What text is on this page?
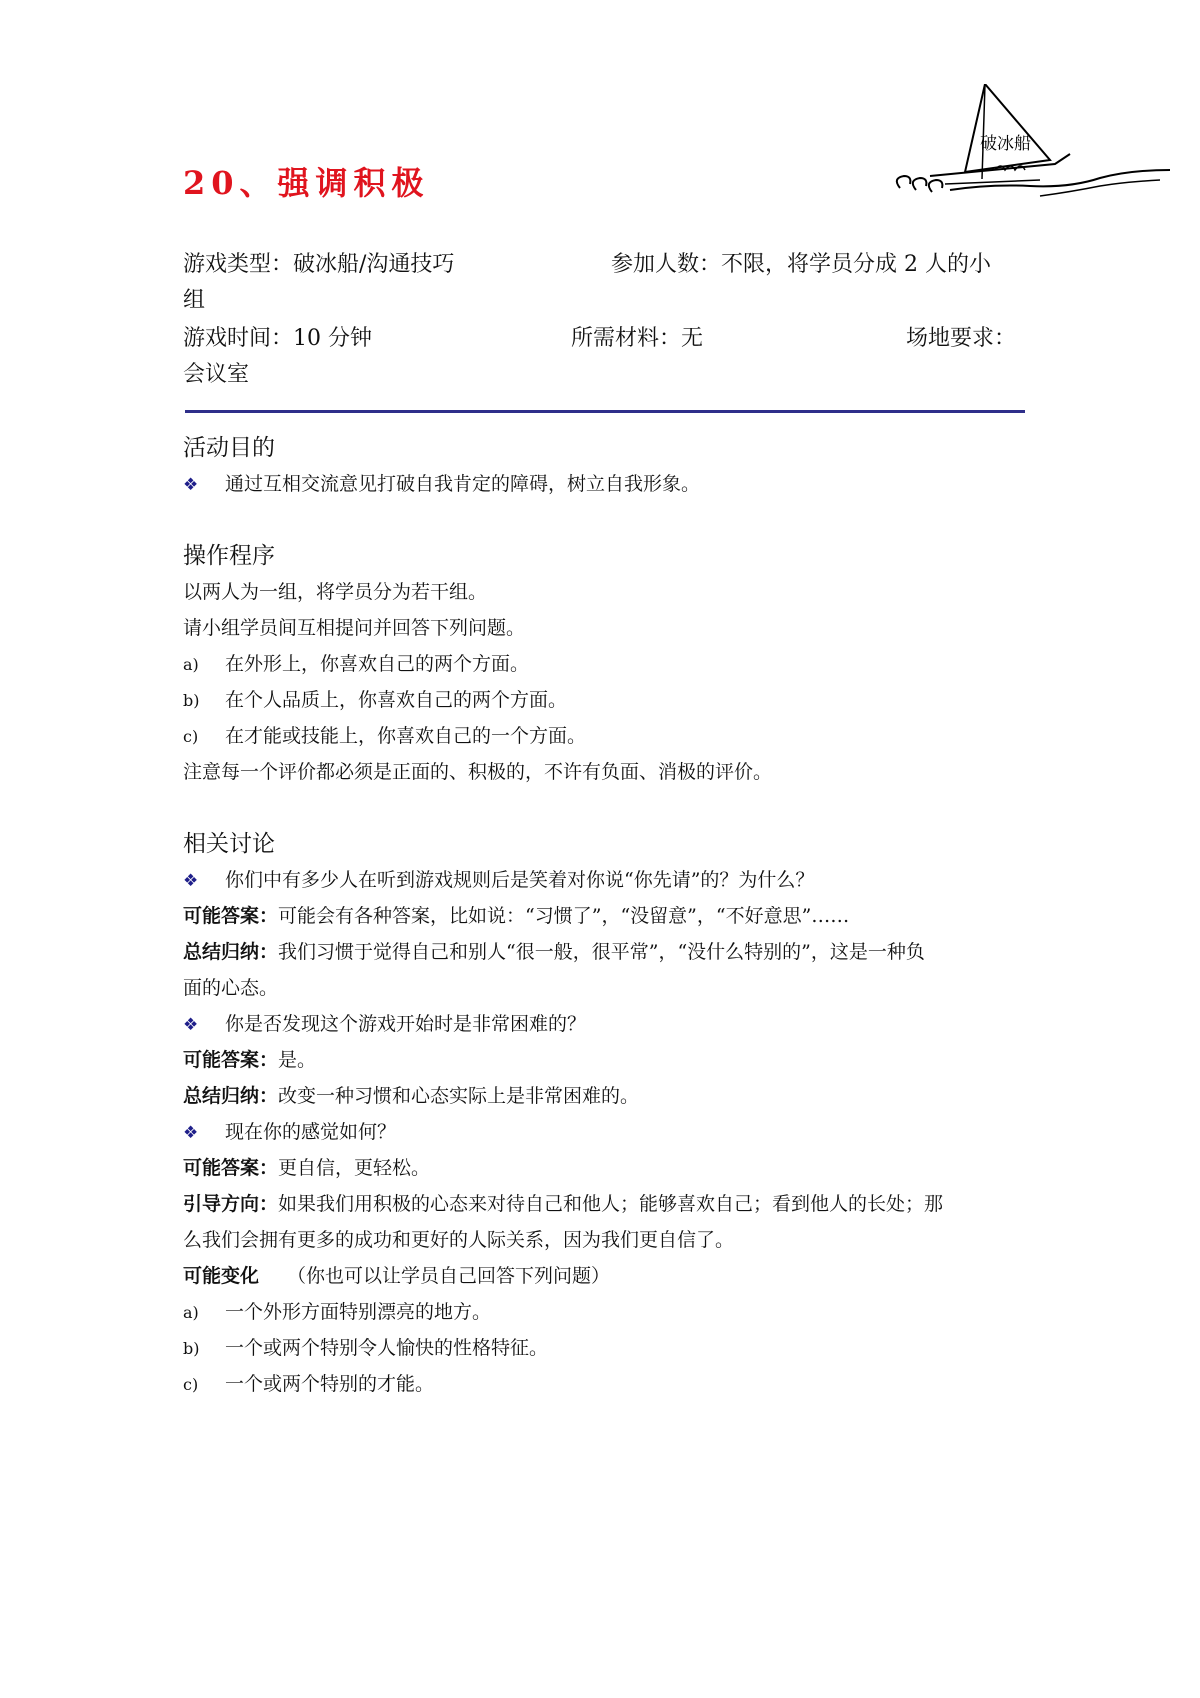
破冰船
20、强调积极
游戏类型：破冰船/沟通技巧	参加人数：不限，将学员分成 2 人的小
组
游戏时间：10 分钟	所需材料：无	场地要求：
会议室
活动目的
❖ 通过互相交流意见打破自我肯定的障碍，树立自我形象。
操作程序
以两人为一组，将学员分为若干组。
请小组学员间互相提问并回答下列问题。
a) 在外形上，你喜欢自己的两个方面。
b) 在个人品质上，你喜欢自己的两个方面。
c) 在才能或技能上，你喜欢自己的一个方面。
注意每一个评价都必须是正面的、积极的，不许有负面、消极的评价。
相关讨论
❖ 你们中有多少人在听到游戏规则后是笑着对你说“你先请”的？为什么？
可能答案：可能会有各种答案，比如说：“习惯了”，“没留意”，“不好意思”……
总结归纳：我们习惯于觉得自己和别人“很一般，很平常”，“没什么特别的”，这是一种负
面的心态。
❖ 你是否发现这个游戏开始时是非常困难的？
可能答案：是。
总结归纳：改变一种习惯和心态实际上是非常困难的。
❖ 现在你的感觉如何？
可能答案：更自信，更轻松。
引导方向：如果我们用积极的心态来对待自己和他人；能够喜欢自己；看到他人的长处；那
么我们会拥有更多的成功和更好的人际关系，因为我们更自信了。
可能变化 （你也可以让学员自己回答下列问题）
a) 一个外形方面特别漂亮的地方。
b) 一个或两个特别令人愉快的性格特征。
c) 一个或两个特别的才能。
